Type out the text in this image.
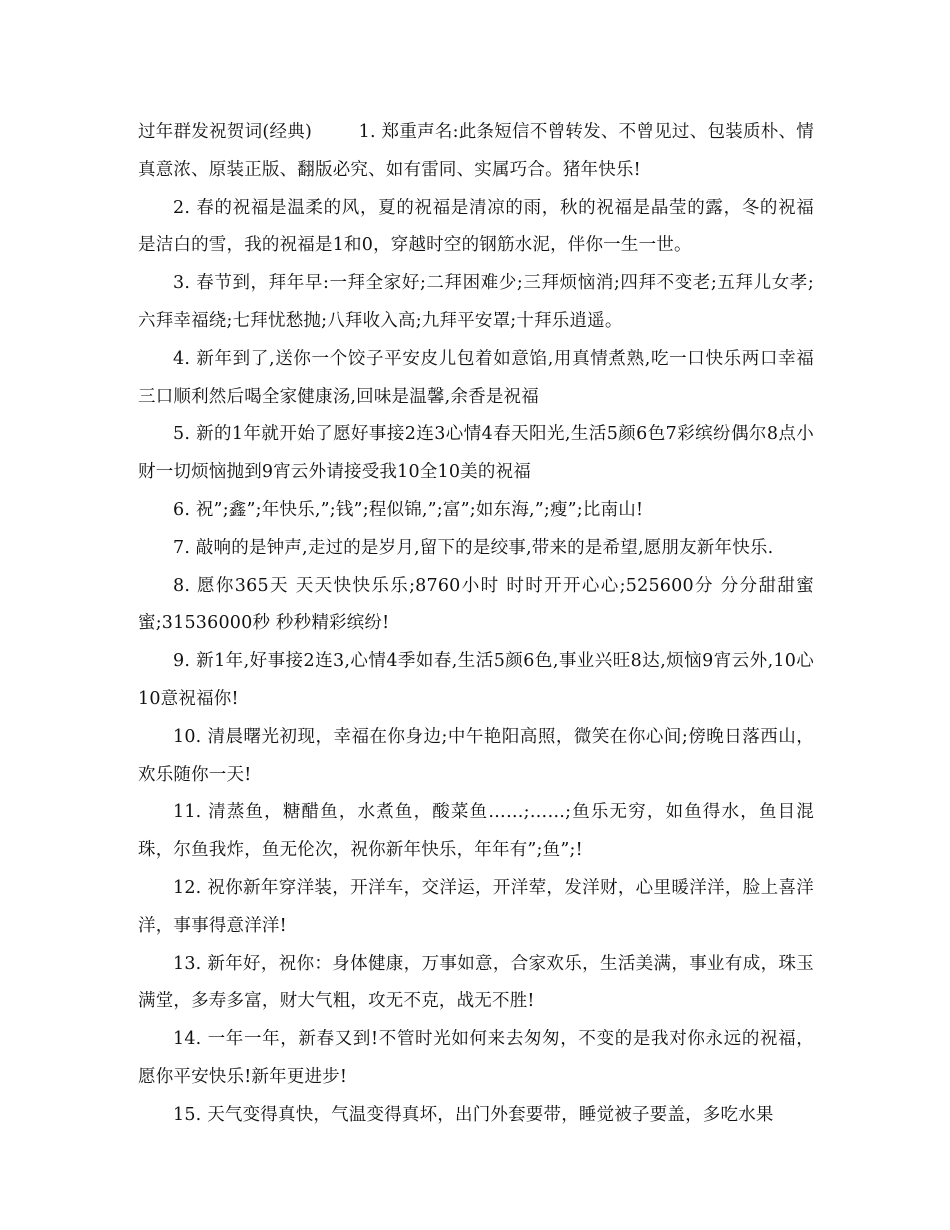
过年群发祝贺词(经典)	1. 郑重声名:此条短信不曾转发、不曾见过、包装质朴、情真意浓、原装正版、翻版必究、如有雷同、实属巧合。猪年快乐!

2. 春的祝福是温柔的风，夏的祝福是清凉的雨，秋的祝福是晶莹的露，冬的祝福是洁白的雪，我的祝福是1和0，穿越时空的钢筋水泥，伴你一生一世。

3. 春节到，拜年早:一拜全家好;二拜困难少;三拜烦恼消;四拜不变老;五拜儿女孝;六拜幸福绕;七拜忧愁抛;八拜收入高;九拜平安罩;十拜乐逍遥。

4. 新年到了,送你一个饺子平安皮儿包着如意馅,用真情煮熟,吃一口快乐两口幸福三口顺利然后喝全家健康汤,回味是温馨,余香是祝福

5. 新的1年就开始了愿好事接2连3心情4春天阳光,生活5颜6色7彩缤纷偶尔8点小财一切烦恼抛到9宵云外请接受我10全10美的祝福

6. 祝”;鑫”;年快乐,”;钱”;程似锦,”;富”;如东海,”;瘦”;比南山!

7. 敲响的是钟声,走过的是岁月,留下的是绞事,带来的是希望,愿朋友新年快乐.

8. 愿你365天 天天快快乐乐;8760小时 时时开开心心;525600分 分分甜甜蜜蜜;31536000秒 秒秒精彩缤纷!

9. 新1年,好事接2连3,心情4季如春,生活5颜6色,事业兴旺8达,烦恼9宵云外,10心10意祝福你!

10. 清晨曙光初现，幸福在你身边;中午艳阳高照，微笑在你心间;傍晚日落西山，欢乐随你一天!

11. 清蒸鱼，糖醋鱼，水煮鱼，酸菜鱼……;……;鱼乐无穷，如鱼得水，鱼目混珠，尔鱼我炸，鱼无伦次，祝你新年快乐，年年有”;鱼”;!

12. 祝你新年穿洋装，开洋车，交洋运，开洋荤，发洋财，心里暖洋洋，脸上喜洋洋，事事得意洋洋!

13. 新年好，祝你：身体健康，万事如意，合家欢乐，生活美满，事业有成，珠玉满堂，多寿多富，财大气粗，攻无不克，战无不胜!

14. 一年一年，新春又到!不管时光如何来去匆匆，不变的是我对你永远的祝福，愿你平安快乐!新年更进步!

15. 天气变得真快，气温变得真坏，出门外套要带，睡觉被子要盖，多吃水果
